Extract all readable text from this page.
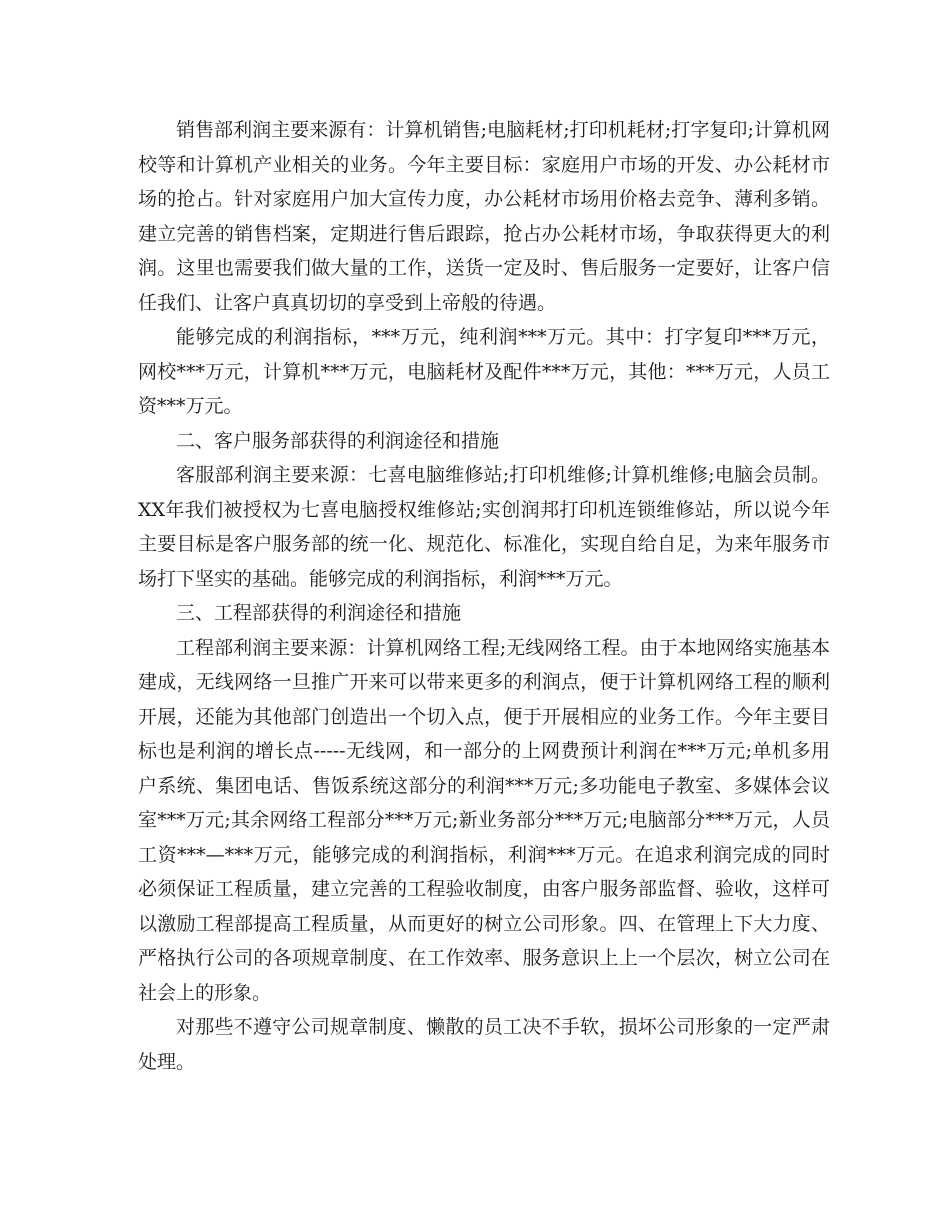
销售部利润主要来源有：计算机销售;电脑耗材;打印机耗材;打字复印;计算机网校等和计算机产业相关的业务。今年主要目标：家庭用户市场的开发、办公耗材市场的抢占。针对家庭用户加大宣传力度，办公耗材市场用价格去竞争、薄利多销。建立完善的销售档案，定期进行售后跟踪，抢占办公耗材市场，争取获得更大的利润。这里也需要我们做大量的工作，送货一定及时、售后服务一定要好，让客户信任我们、让客户真真切切的享受到上帝般的待遇。

能够完成的利润指标，***万元，纯利润***万元。其中：打字复印***万元，网校***万元，计算机***万元，电脑耗材及配件***万元，其他：***万元，人员工资***万元。

二、客户服务部获得的利润途径和措施

客服部利润主要来源：七喜电脑维修站;打印机维修;计算机维修;电脑会员制。XX年我们被授权为七喜电脑授权维修站;实创润邦打印机连锁维修站，所以说今年主要目标是客户服务部的统一化、规范化、标准化，实现自给自足，为来年服务市场打下坚实的基础。能够完成的利润指标，利润***万元。

三、工程部获得的利润途径和措施

工程部利润主要来源：计算机网络工程;无线网络工程。由于本地网络实施基本建成，无线网络一旦推广开来可以带来更多的利润点，便于计算机网络工程的顺利开展，还能为其他部门创造出一个切入点，便于开展相应的业务工作。今年主要目标也是利润的增长点-----无线网，和一部分的上网费预计利润在***万元;单机多用户系统、集团电话、售饭系统这部分的利润***万元;多功能电子教室、多媒体会议室***万元;其余网络工程部分***万元;新业务部分***万元;电脑部分***万元，人员工资***—***万元，能够完成的利润指标，利润***万元。在追求利润完成的同时必须保证工程质量，建立完善的工程验收制度，由客户服务部监督、验收，这样可以激励工程部提高工程质量，从而更好的树立公司形象。四、在管理上下大力度、严格执行公司的各项规章制度、在工作效率、服务意识上上一个层次，树立公司在社会上的形象。

对那些不遵守公司规章制度、懒散的员工决不手软，损坏公司形象的一定严肃处理。
